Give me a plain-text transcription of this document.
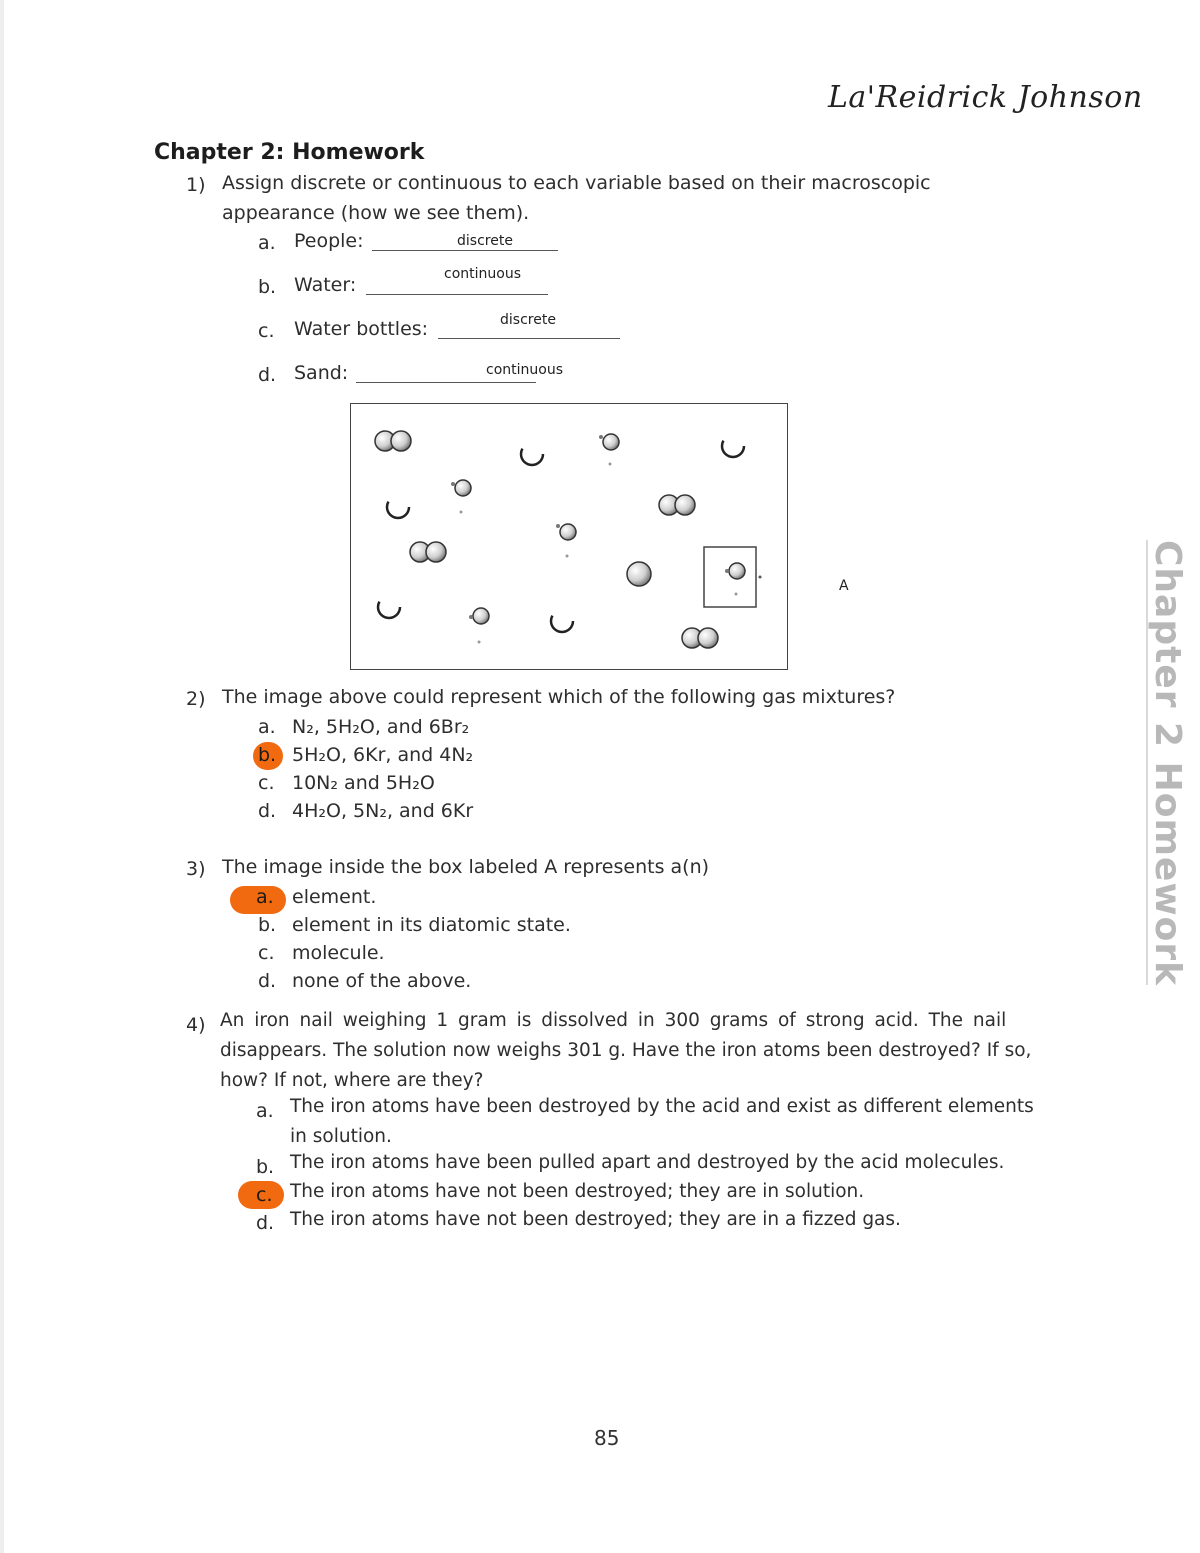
La'Reidrick Johnson
Chapter 2: Homework
Chapter 2 Homework
1) Assign discrete or continuous to each variable based on their macroscopic
appearance (how we see them).
a. People:	discrete
b. Water:	continuous
c. Water bottles:	discrete
d. Sand:	continuous
A
2) The image above could represent which of the following gas mixtures?
a. N₂, 5H₂O, and 6Br₂
b. 5H₂O, 6Kr, and 4N₂
c. 10N₂ and 5H₂O
d. 4H₂O, 5N₂, and 6Kr
3) The image inside the box labeled A represents a(n)
a. element.
b. element in its diatomic state.
c. molecule.
d. none of the above.
4) An iron nail weighing 1 gram is dissolved in 300 grams of strong acid. The nail
disappears. The solution now weighs 301 g. Have the iron atoms been destroyed? If so,
how? If not, where are they?
a. The iron atoms have been destroyed by the acid and exist as different elements
in solution.
b. The iron atoms have been pulled apart and destroyed by the acid molecules.
c. The iron atoms have not been destroyed; they are in solution.
d. The iron atoms have not been destroyed; they are in a fizzed gas.
85
